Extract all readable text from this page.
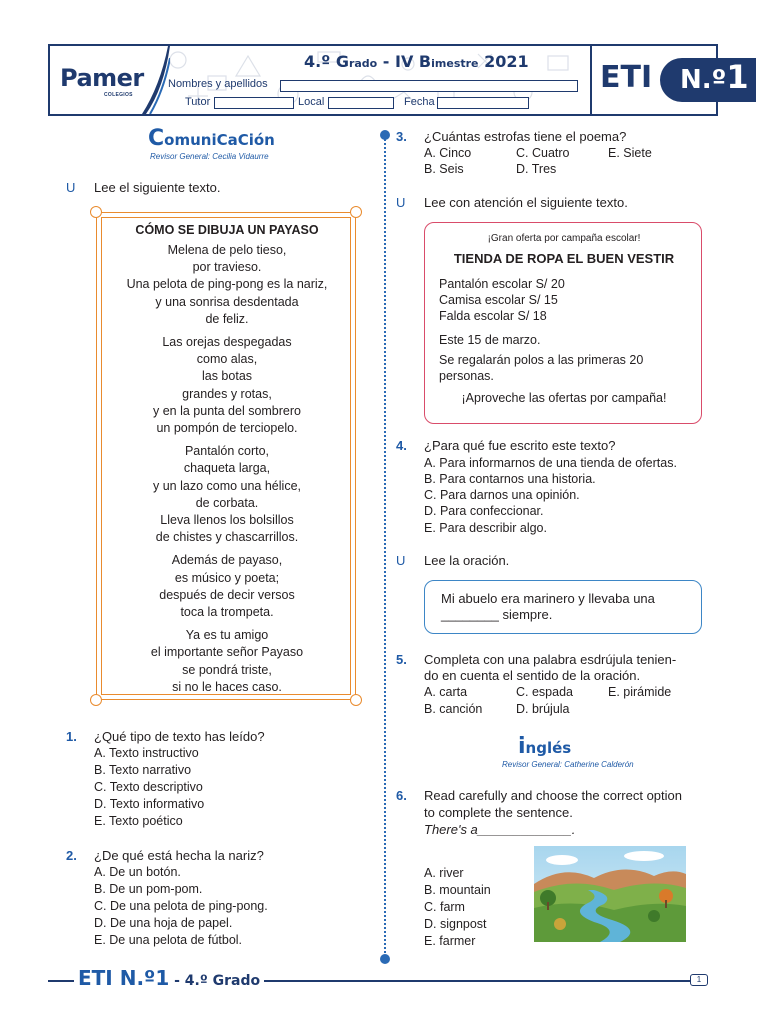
Pamer
COLEGIOS
4.º Grado - IV Bimestre 2021
Nombres y apellidos
Tutor	Local	Fecha
ETI N.º1
ComuniCaCión
Revisor General: Cecilia Vidaurre
U Lee el siguiente texto.
CÓMO SE DIBUJA UN PAYASO
Melena de pelo tieso,
por travieso.
Una pelota de ping-pong es la nariz,
y una sonrisa desdentada
de feliz.
Las orejas despegadas
como alas,
las botas
grandes y rotas,
y en la punta del sombrero
un pompón de terciopelo.
Pantalón corto,
chaqueta larga,
y un lazo como una hélice,
de corbata.
Lleva llenos los bolsillos
de chistes y chascarrillos.
Además de payaso,
es músico y poeta;
después de decir versos
toca la trompeta.
Ya es tu amigo
el importante señor Payaso
se pondrá triste,
si no le haces caso.
1. ¿Qué tipo de texto has leído?
A. Texto instructivo
B. Texto narrativo
C. Texto descriptivo
D. Texto informativo
E. Texto poético
2. ¿De qué está hecha la nariz?
A. De un botón.
B. De un pom-pom.
C. De una pelota de ping-pong.
D. De una hoja de papel.
E. De una pelota de fútbol.
3. ¿Cuántas estrofas tiene el poema?
A. Cinco	C. Cuatro	E. Siete
B. Seis	D. Tres
U Lee con atención el siguiente texto.
¡Gran oferta por campaña escolar!
TIENDA DE ROPA EL BUEN VESTIR
Pantalón escolar S/ 20
Camisa escolar S/ 15
Falda escolar S/ 18
Este 15 de marzo.
Se regalarán polos a las primeras 20
personas.
¡Aproveche las ofertas por campaña!
4. ¿Para qué fue escrito este texto?
A. Para informarnos de una tienda de ofertas.
B. Para contarnos una historia.
C. Para darnos una opinión.
D. Para confeccionar.
E. Para describir algo.
U Lee la oración.
Mi abuelo era marinero y llevaba una
________ siempre.
5. Completa con una palabra esdrújula tenien-
do en cuenta el sentido de la oración.
A. carta	C. espada	E. pirámide
B. canción	D. brújula
inglés
Revisor General: Catherine Calderón
6. Read carefully and choose the correct option
to complete the sentence.
There's a_____________.
A. river
B. mountain
C. farm
D. signpost
E. farmer
ETI N.º1 - 4.º Grado	1
